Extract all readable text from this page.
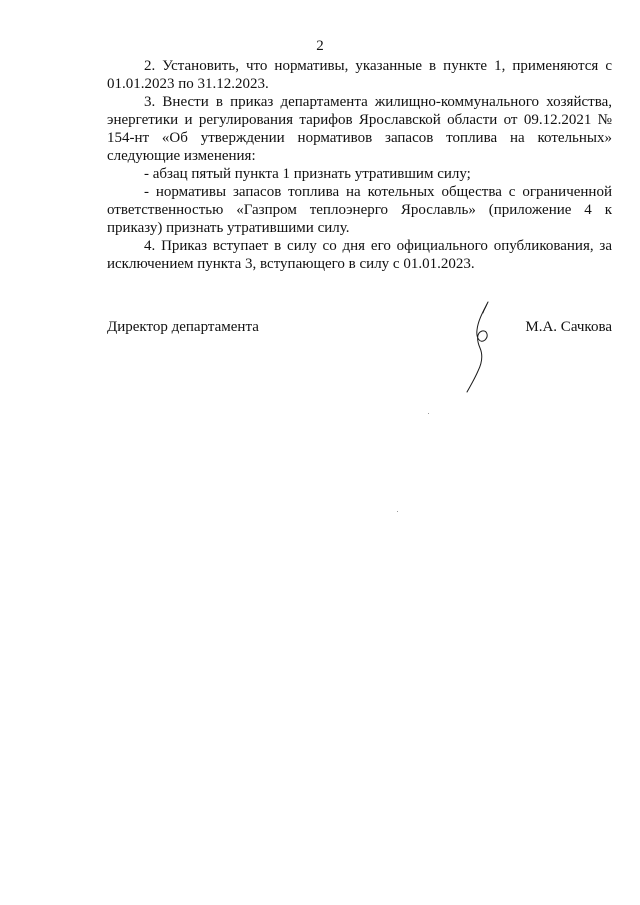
2

2. Установить, что нормативы, указанные в пункте 1, применяются с 01.01.2023 по 31.12.2023.

3. Внести в приказ департамента жилищно-коммунального хозяйства, энергетики и регулирования тарифов Ярославской области от 09.12.2021 № 154-нт «Об утверждении нормативов запасов топлива на котельных» следующие изменения:

- абзац пятый пункта 1 признать утратившим силу;

- нормативы запасов топлива на котельных общества с ограниченной ответственностью «Газпром теплоэнерго Ярославль» (приложение 4 к приказу) признать утратившими силу.

4. Приказ вступает в силу со дня его официального опубликования, за исключением пункта 3, вступающего в силу с 01.01.2023.

Директор департамента	М.А. Сачкова
